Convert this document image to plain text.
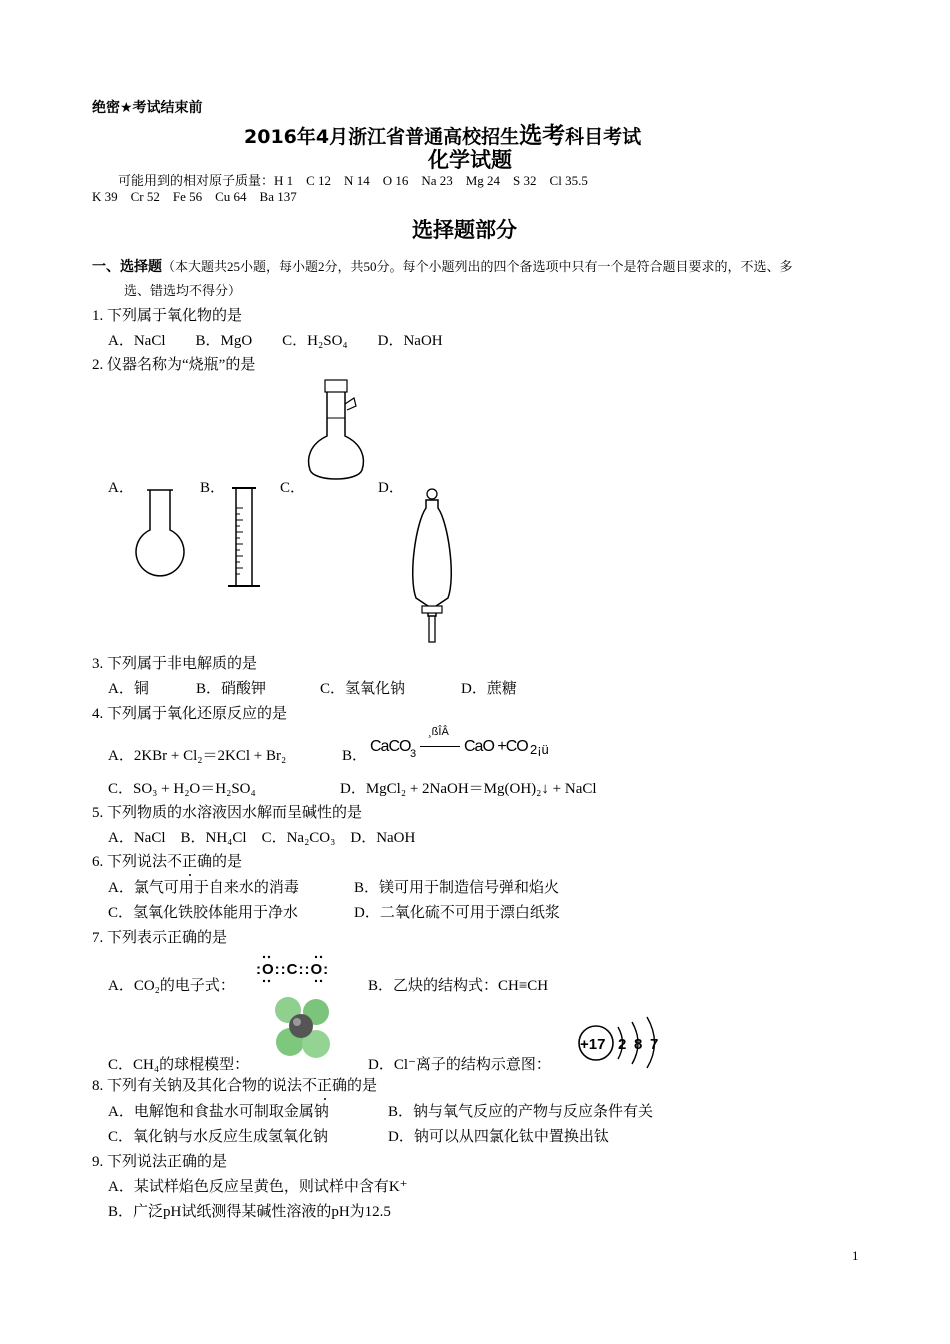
绝密★考试结束前
2016年4月浙江省普通高校招生选考科目考试
化学试题
可能用到的相对原子质量：H 1　C 12　N 14　O 16　Na 23　Mg 24　S 32　Cl 35.5
K 39　Cr 52　Fe 56　Cu 64　Ba 137
选择题部分
一、选择题（本大题共25小题，每小题2分，共50分。每个小题列出的四个备选项中只有一个是符合题目要求的，不选、多
选、错选均不得分）
1. 下列属于氧化物的是
A．NaCl　　B．MgO　　C．H₂SO₄　　D．NaOH
2. 仪器名称为“烧瓶”的是
A．	B．	C．	D．
3. 下列属于非电解质的是
A．铜	B．硝酸钾	C．氢氧化钠	D．蔗糖
4. 下列属于氧化还原反应的是
A．2KBr + Cl₂＝2KCl + Br₂	B．
CaCO 3
¸ßÎÂ
CaO +CO 2¡ü
C．SO₃ + H₂O＝H₂SO₄	D．MgCl₂ + 2NaOH＝Mg(OH)₂↓ + NaCl
5. 下列物质的水溶液因水解而呈碱性的是
A．NaCl　B．NH₄Cl　C．Na₂CO₃　D．NaOH
6. 下列说法不正确的是
A．氯气可用于自来水的消毒	B．镁可用于制造信号弹和焰火
C．氢氧化铁胶体能用于净水	D．二氧化硫不可用于漂白纸浆
7. 下列表示正确的是
A．CO₂的电子式：
:O::C::O:
B．乙炔的结构式：CH≡CH
C．CH₄的球棍模型：	D．Cl⁻离子的结构示意图：
+17 2 8 7
8. 下列有关钠及其化合物的说法不正确的是
A．电解饱和食盐水可制取金属钠	B．钠与氧气反应的产物与反应条件有关
C．氧化钠与水反应生成氢氧化钠	D．钠可以从四氯化钛中置换出钛
9. 下列说法正确的是
A．某试样焰色反应呈黄色，则试样中含有K⁺
B．广泛pH试纸测得某碱性溶液的pH为12.5
1
